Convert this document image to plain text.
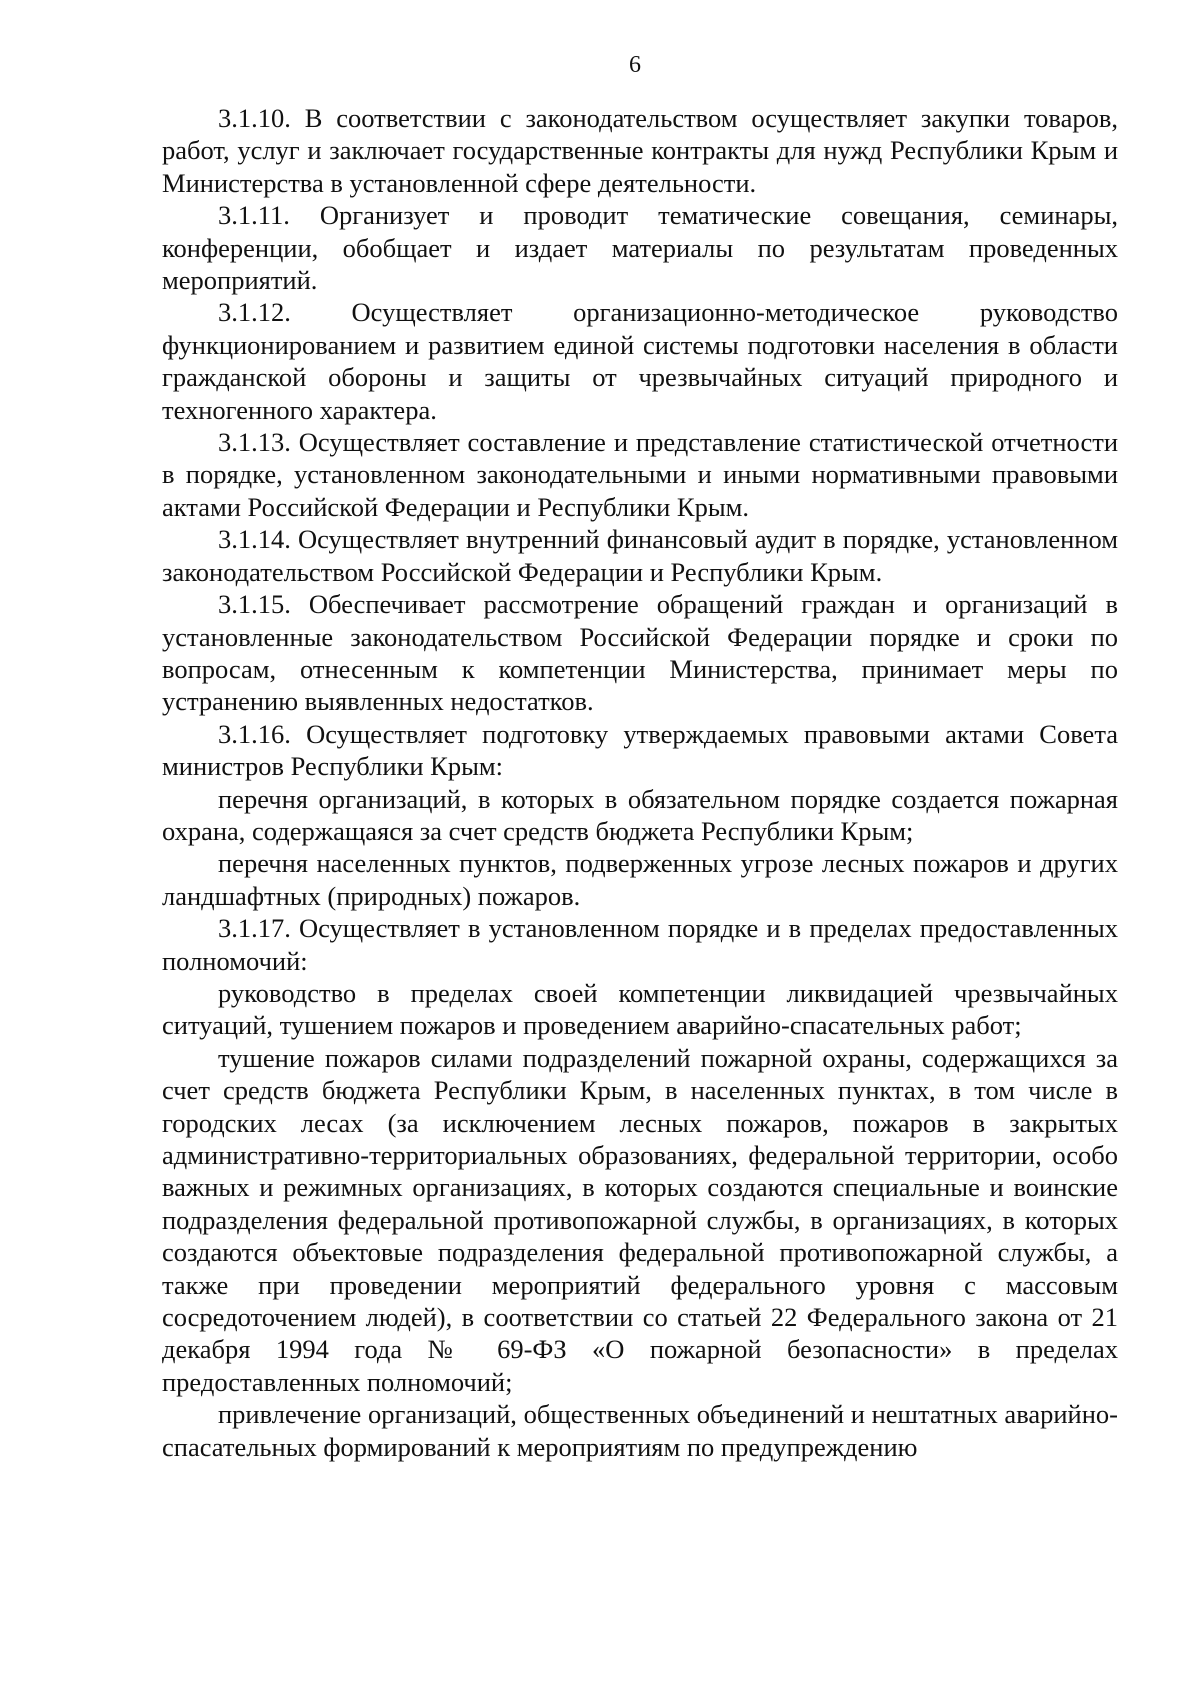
6

3.1.10. В соответствии с законодательством осуществляет закупки товаров, работ, услуг и заключает государственные контракты для нужд Республики Крым и Министерства в установленной сфере деятельности.

3.1.11. Организует и проводит тематические совещания, семинары, конференции, обобщает и издает материалы по результатам проведенных мероприятий.

3.1.12. Осуществляет организационно-методическое руководство функционированием и развитием единой системы подготовки населения в области гражданской обороны и защиты от чрезвычайных ситуаций природного и техногенного характера.

3.1.13. Осуществляет составление и представление статистической отчетности в порядке, установленном законодательными и иными нормативными правовыми актами Российской Федерации и Республики Крым.

3.1.14. Осуществляет внутренний финансовый аудит в порядке, установленном законодательством Российской Федерации и Республики Крым.

3.1.15. Обеспечивает рассмотрение обращений граждан и организаций в установленные законодательством Российской Федерации порядке и сроки по вопросам, отнесенным к компетенции Министерства, принимает меры по устранению выявленных недостатков.

3.1.16. Осуществляет подготовку утверждаемых правовыми актами Совета министров Республики Крым:

перечня организаций, в которых в обязательном порядке создается пожарная охрана, содержащаяся за счет средств бюджета Республики Крым;

перечня населенных пунктов, подверженных угрозе лесных пожаров и других ландшафтных (природных) пожаров.

3.1.17. Осуществляет в установленном порядке и в пределах предоставленных полномочий:

руководство в пределах своей компетенции ликвидацией чрезвычайных ситуаций, тушением пожаров и проведением аварийно-спасательных работ;

тушение пожаров силами подразделений пожарной охраны, содержащихся за счет средств бюджета Республики Крым, в населенных пунктах, в том числе в городских лесах (за исключением лесных пожаров, пожаров в закрытых административно-территориальных образованиях, федеральной территории, особо важных и режимных организациях, в которых создаются специальные и воинские подразделения федеральной противопожарной службы, в организациях, в которых создаются объектовые подразделения федеральной противопожарной службы, а также при проведении мероприятий федерального уровня с массовым сосредоточением людей), в соответствии со статьей 22 Федерального закона от 21 декабря 1994 года № 69-ФЗ «О пожарной безопасности» в пределах предоставленных полномочий;

привлечение организаций, общественных объединений и нештатных аварийно-спасательных формирований к мероприятиям по предупреждению
